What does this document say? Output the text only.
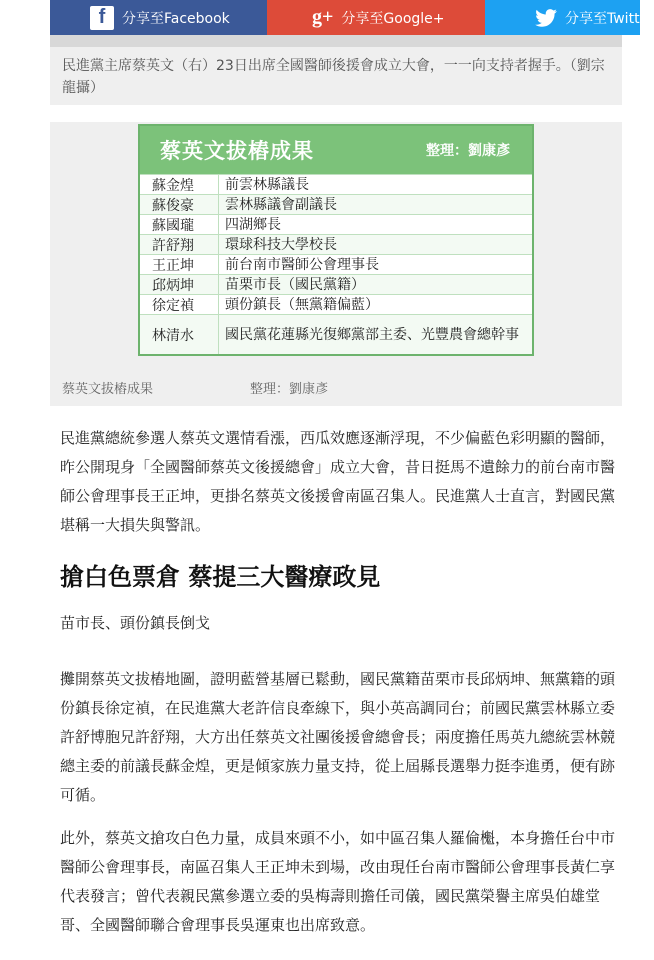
f	分享至Facebook	g+ 分享至Google+	分享至Twitter
民進黨主席蔡英文（右）23日出席全國醫師後援會成立大會，一一向支持者握手。（劉宗龍攝）
蔡英文拔樁成果	整理：劉康彥
蘇金煌	前雲林縣議長
蘇俊豪	雲林縣議會副議長
蘇國瓏	四湖鄉長
許舒翔	環球科技大學校長
王正坤	前台南市醫師公會理事長
邱炳坤	苗栗市長（國民黨籍）
徐定禎	頭份鎮長（無黨籍偏藍）
林清水	國民黨花蓮縣光復鄉黨部主委、光豐農會總幹事
蔡英文拔樁成果	整理：劉康彥

民進黨總統參選人蔡英文選情看漲，西瓜效應逐漸浮現，不少偏藍色彩明顯的醫師，昨公開現身「全國醫師蔡英文後援總會」成立大會，昔日挺馬不遺餘力的前台南市醫師公會理事長王正坤，更掛名蔡英文後援會南區召集人。民進黨人士直言，對國民黨堪稱一大損失與警訊。

搶白色票倉 蔡提三大醫療政見
苗市長、頭份鎮長倒戈

攤開蔡英文拔樁地圖，證明藍營基層已鬆動，國民黨籍苗栗市長邱炳坤、無黨籍的頭份鎮長徐定禎，在民進黨大老許信良牽線下，與小英高調同台；前國民黨雲林縣立委許舒博胞兄許舒翔，大方出任蔡英文社團後援會總會長；兩度擔任馬英九總統雲林競總主委的前議長蘇金煌，更是傾家族力量支持，從上屆縣長選舉力挺李進勇，便有跡可循。

此外，蔡英文搶攻白色力量，成員來頭不小，如中區召集人羅倫櫆，本身擔任台中市醫師公會理事長，南區召集人王正坤未到場，改由現任台南市醫師公會理事長黃仁享代表發言；曾代表親民黨參選立委的吳梅壽則擔任司儀，國民黨榮譽主席吳伯雄堂哥、全國醫師聯合會理事長吳運東也出席致意。
